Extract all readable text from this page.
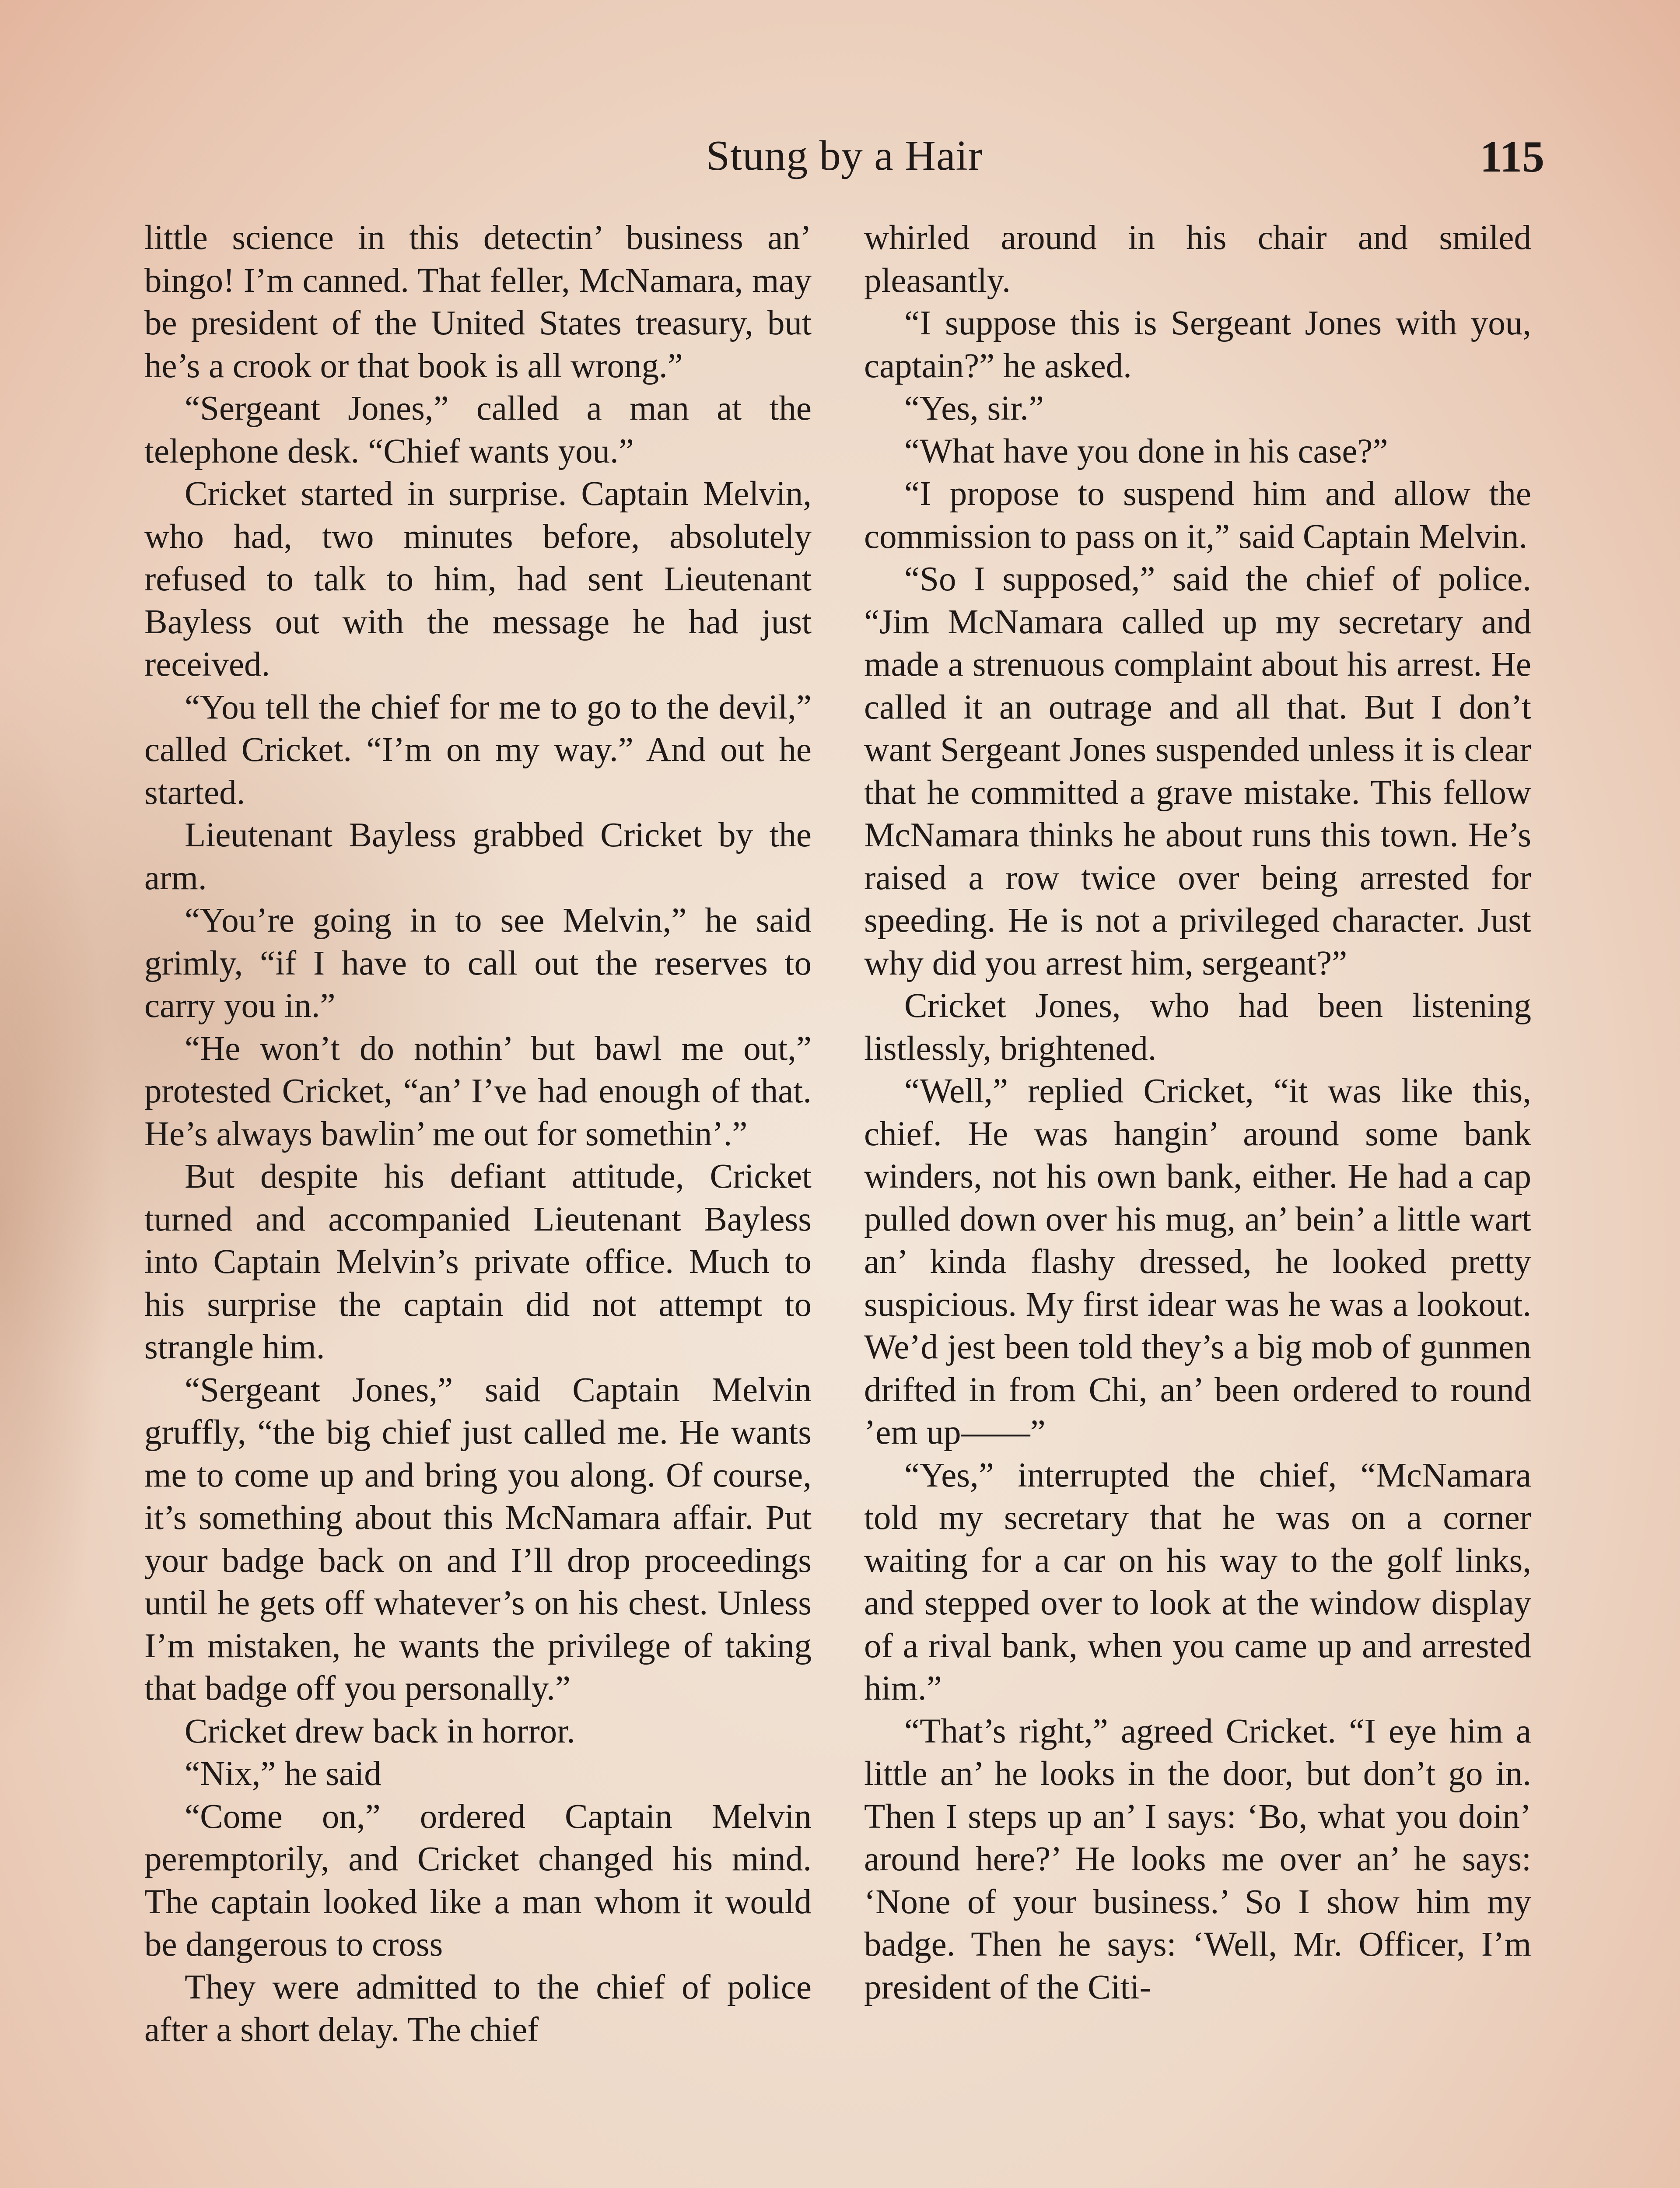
Stung by a Hair	115

little science in this detectin’ business an’ bingo! I’m canned. That feller, McNamara, may be president of the United States treasury, but he’s a crook or that book is all wrong.”

“Sergeant Jones,” called a man at the telephone desk. “Chief wants you.”

Cricket started in surprise. Captain Melvin, who had, two minutes before, absolutely refused to talk to him, had sent Lieutenant Bayless out with the message he had just received.

“You tell the chief for me to go to the devil,” called Cricket. “I’m on my way.” And out he started.

Lieutenant Bayless grabbed Cricket by the arm.

“You’re going in to see Melvin,” he said grimly, “if I have to call out the reserves to carry you in.”

“He won’t do nothin’ but bawl me out,” protested Cricket, “an’ I’ve had enough of that. He’s always bawlin’ me out for somethin’.”

But despite his defiant attitude, Cricket turned and accompanied Lieutenant Bayless into Captain Melvin’s private office. Much to his surprise the captain did not attempt to strangle him.

“Sergeant Jones,” said Captain Melvin gruffly, “the big chief just called me. He wants me to come up and bring you along. Of course, it’s something about this McNamara affair. Put your badge back on and I’ll drop proceedings until he gets off whatever’s on his chest. Unless I’m mistaken, he wants the privilege of taking that badge off you personally.”

Cricket drew back in horror.

“Nix,” he said

“Come on,” ordered Captain Melvin peremptorily, and Cricket changed his mind. The captain looked like a man whom it would be dangerous to cross

They were admitted to the chief of police after a short delay. The chief

whirled around in his chair and smiled pleasantly.

“I suppose this is Sergeant Jones with you, captain?” he asked.

“Yes, sir.”

“What have you done in his case?”

“I propose to suspend him and allow the commission to pass on it,” said Captain Melvin.

“So I supposed,” said the chief of police. “Jim McNamara called up my secretary and made a strenuous complaint about his arrest. He called it an outrage and all that. But I don’t want Sergeant Jones suspended unless it is clear that he committed a grave mistake. This fellow McNamara thinks he about runs this town. He’s raised a row twice over being arrested for speeding. He is not a privileged character. Just why did you arrest him, sergeant?”

Cricket Jones, who had been listening listlessly, brightened.

“Well,” replied Cricket, “it was like this, chief. He was hangin’ around some bank winders, not his own bank, either. He had a cap pulled down over his mug, an’ bein’ a little wart an’ kinda flashy dressed, he looked pretty suspicious. My first idear was he was a lookout. We’d jest been told they’s a big mob of gunmen drifted in from Chi, an’ been ordered to round ’em up——”

“Yes,” interrupted the chief, “McNamara told my secretary that he was on a corner waiting for a car on his way to the golf links, and stepped over to look at the window display of a rival bank, when you came up and arrested him.”

“That’s right,” agreed Cricket. “I eye him a little an’ he looks in the door, but don’t go in. Then I steps up an’ I says: ‘Bo, what you doin’ around here?’ He looks me over an’ he says: ‘None of your business.’ So I show him my badge. Then he says: ‘Well, Mr. Officer, I’m president of the Citi-
